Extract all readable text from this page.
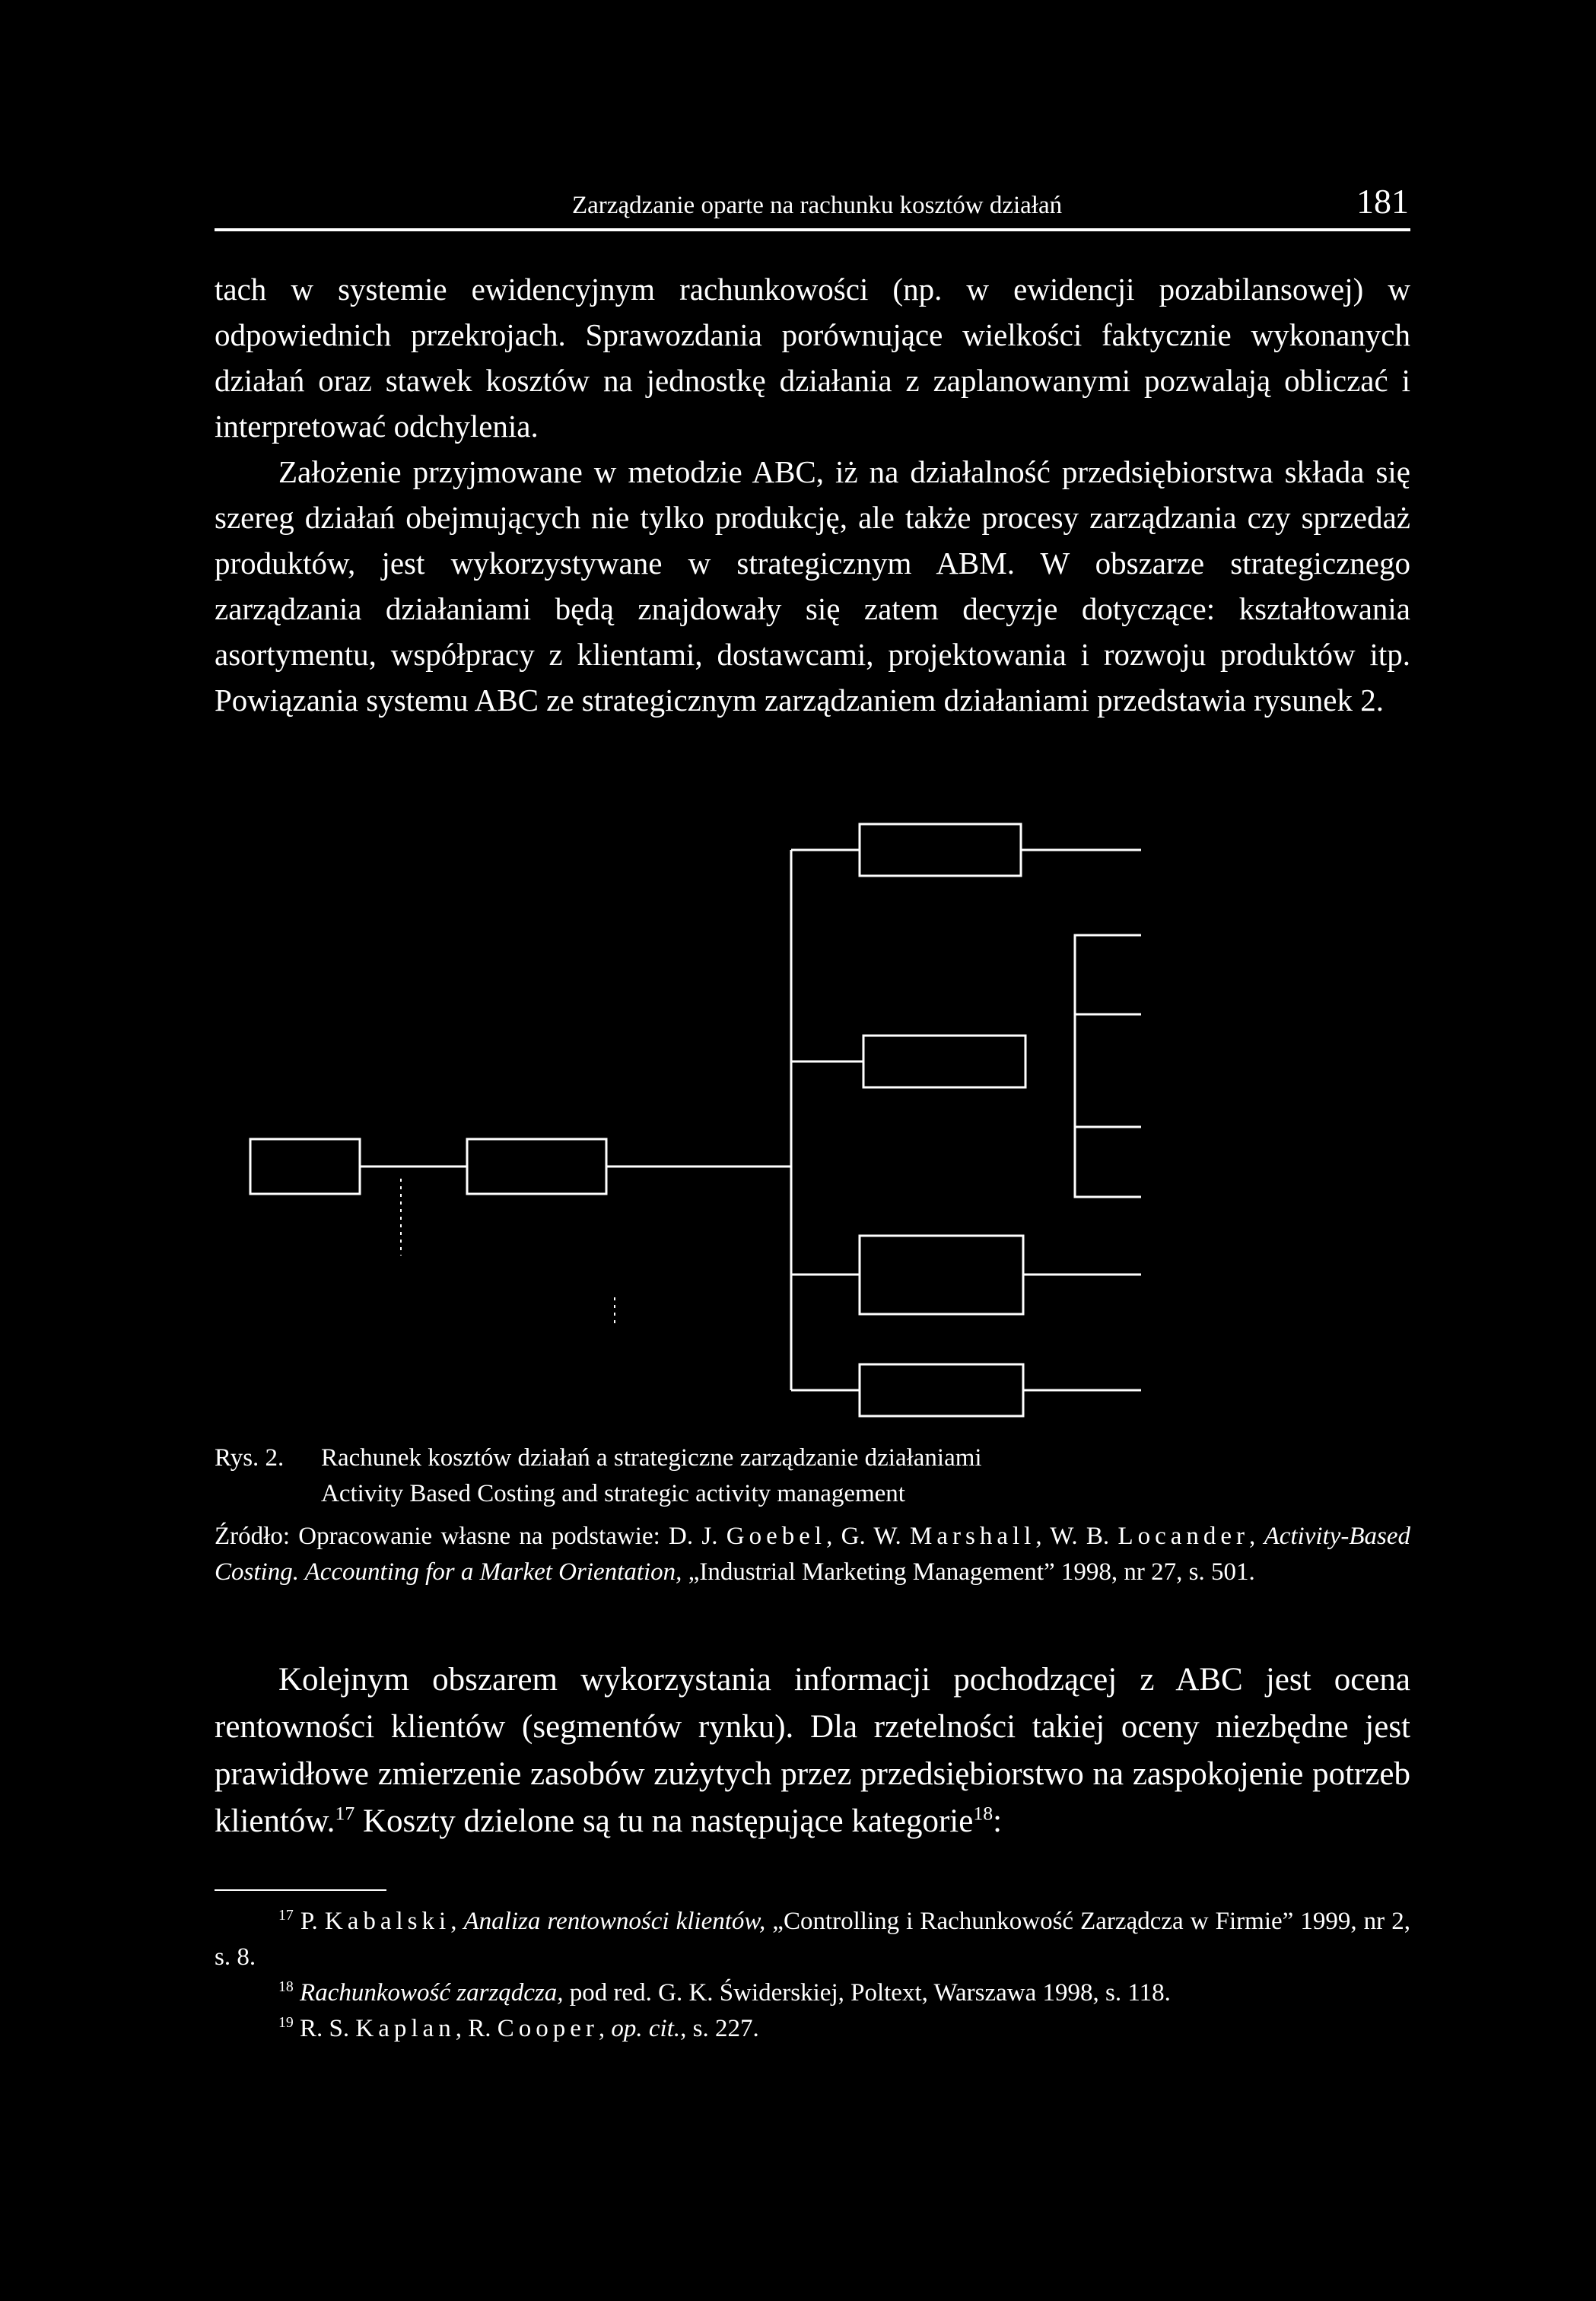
Zarządzanie oparte na rachunku kosztów działań	181

tach w systemie ewidencyjnym rachunkowości (np. w ewidencji pozabilansowej) w odpowiednich przekrojach. Sprawozdania porównujące wielkości faktycznie wykonanych działań oraz stawek kosztów na jednostkę działania z zaplanowanymi pozwalają obliczać i interpretować odchylenia.

Założenie przyjmowane w metodzie ABC, iż na działalność przedsiębiorstwa składa się szereg działań obejmujących nie tylko produkcję, ale także procesy zarządzania czy sprzedaż produktów, jest wykorzystywane w strategicznym ABM. W obszarze strategicznego zarządzania działaniami będą znajdowały się zatem decyzje dotyczące: kształtowania asortymentu, współpracy z klientami, dostawcami, projektowania i rozwoju produktów itp. Powiązania systemu ABC ze strategicznym zarządzaniem działaniami przedstawia rysunek 2.

Rys. 2.	Rachunek kosztów działań a strategiczne zarządzanie działaniami
Activity Based Costing and strategic activity management

Źródło: Opracowanie własne na podstawie: D. J. Goebel, G. W. Marshall, W. B. Locander, Activity-Based Costing. Accounting for a Market Orientation, „Industrial Marketing Management” 1998, nr 27, s. 501.

Kolejnym obszarem wykorzystania informacji pochodzącej z ABC jest ocena rentowności klientów (segmentów rynku). Dla rzetelności takiej oceny niezbędne jest prawidłowe zmierzenie zasobów zużytych przez przedsiębiorstwo na zaspokojenie potrzeb klientów.$^{17}$ Koszty dzielone są tu na następujące kategorie$^{18}$:

$^{17}$ P. Kabalski, Analiza rentowności klientów, „Controlling i Rachunkowość Zarządcza w Firmie” 1999, nr 2, s. 8.

$^{18}$ Rachunkowość zarządcza, pod red. G. K. Świderskiej, Poltext, Warszawa 1998, s. 118.

$^{19}$ R. S. Kaplan, R. Cooper, op. cit., s. 227.
